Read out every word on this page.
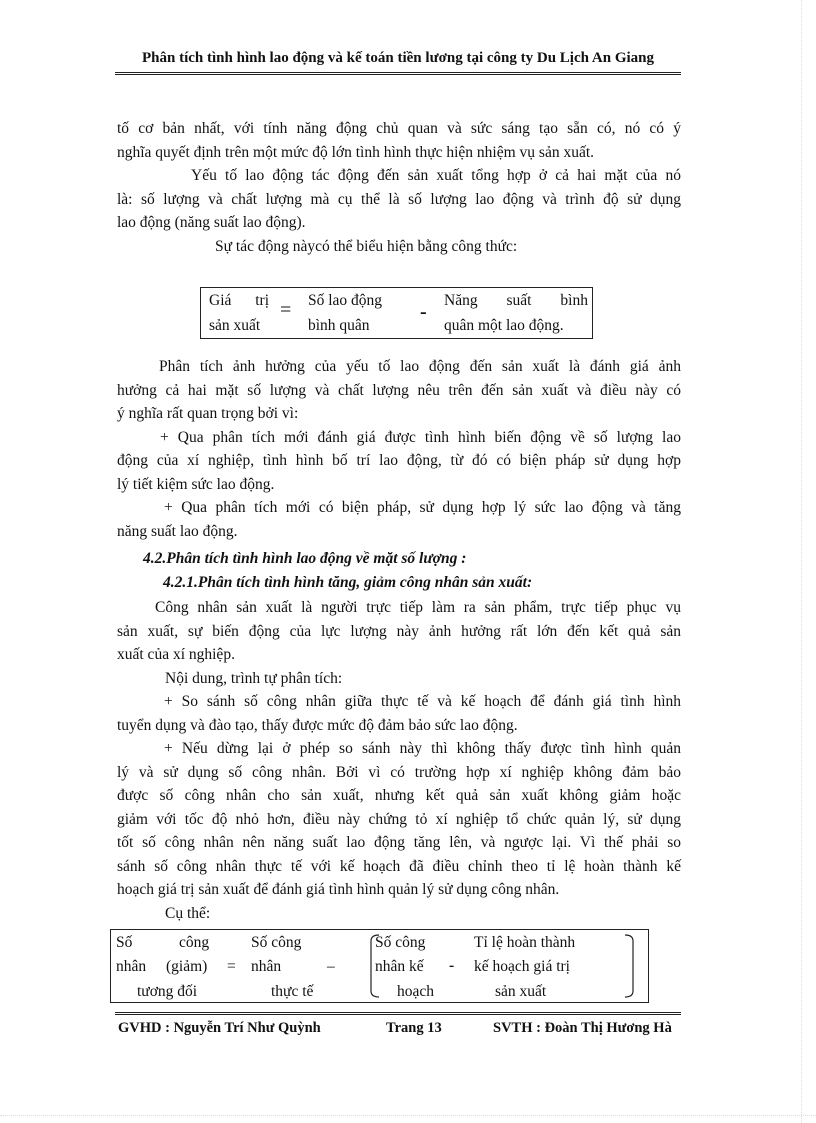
Phân tích tình hình lao động và kế toán tiền lương tại công ty Du Lịch An Giang
tố cơ bản nhất, với tính năng động chủ quan và sức sáng tạo sẵn có, nó có ý
nghĩa quyết định trên một mức độ lớn tình hình thực hiện nhiệm vụ sản xuất.
Yếu tố lao động tác động đến sản xuất tổng hợp ở cả hai mặt của nó
là: số lượng và chất lượng mà cụ thể là số lượng lao động và trình độ sử dụng
lao động (năng suất lao động).
Sự tác động nàycó thể biểu hiện bằng công thức:
Giá trị
sản xuất
= Số lao động
bình quân
-
Năng suất bình
quân một lao động.
Phân tích ảnh hưởng của yếu tố lao động đến sản xuất là đánh giá ảnh
hưởng cả hai mặt số lượng và chất lượng nêu trên đến sản xuất và điều này có
ý nghĩa rất quan trọng bởi vì:
+ Qua phân tích mới đánh giá được tình hình biến động về số lượng lao
động của xí nghiệp, tình hình bố trí lao động, từ đó có biện pháp sử dụng hợp
lý tiết kiệm sức lao động.
+ Qua phân tích mới có biện pháp, sử dụng hợp lý sức lao động và tăng
năng suất lao động.
4.2.Phân tích tình hình lao động về mặt số lượng :
4.2.1.Phân tích tình hình tăng, giảm công nhân sản xuất:
Công nhân sản xuất là người trực tiếp làm ra sản phẩm, trực tiếp phục vụ
sản xuất, sự biến động của lực lượng này ảnh hưởng rất lớn đến kết quả sản
xuất của xí nghiệp.
Nội dung, trình tự phân tích:
+ So sánh số công nhân giữa thực tế và kế hoạch để đánh giá tình hình
tuyển dụng và đào tạo, thấy được mức độ đảm bảo sức lao động.
+ Nếu dừng lại ở phép so sánh này thì không thấy được tình hình quản
lý và sử dụng số công nhân. Bởi vì có trường hợp xí nghiệp không đảm bảo
được số công nhân cho sản xuất, nhưng kết quả sản xuất không giảm hoặc
giảm với tốc độ nhỏ hơn, điều này chứng tỏ xí nghiệp tổ chức quản lý, sử dụng
tốt số công nhân nên năng suất lao động tăng lên, và ngược lại. Vì thế phải so
sánh số công nhân thực tế với kế hoạch đã điều chỉnh theo tỉ lệ hoàn thành kế
hoạch giá trị sản xuất để đánh giá tình hình quản lý sử dụng công nhân.
Cụ thể:
Số	công
nhân (giảm)
tương đối
=
Số công
nhân
thực tế
–
Số công
nhân kế
hoạch
-
Tỉ lệ hoàn thành
kế hoạch giá trị
sản xuất
GVHD : Nguyễn Trí Như Quỳnh	Trang 13	SVTH : Đoàn Thị Hương Hà
